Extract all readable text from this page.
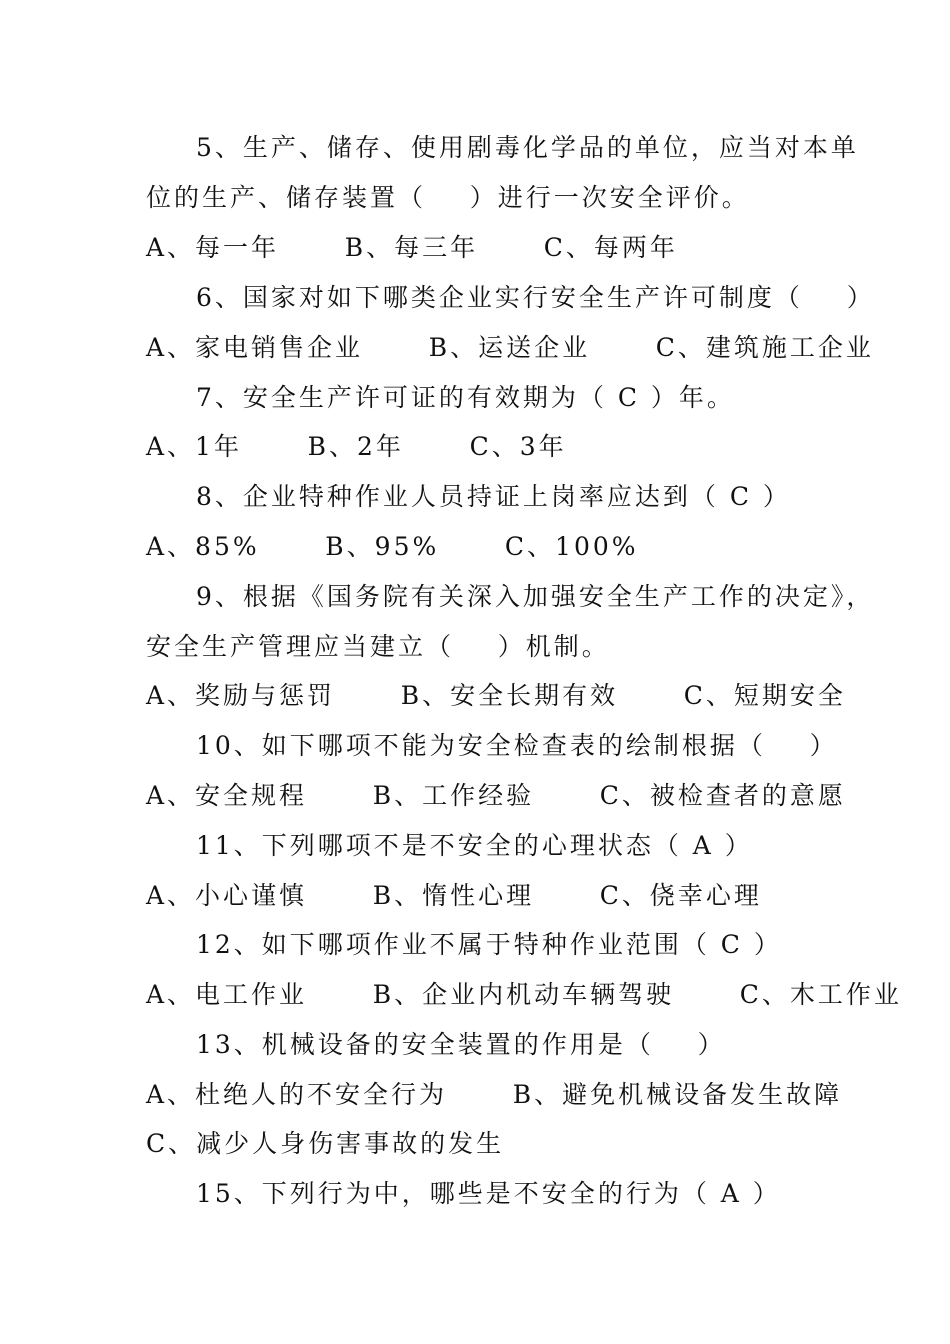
5、生产、储存、使用剧毒化学品的单位，应当对本单
位的生产、储存装置（    ）进行一次安全评价。
A、每一年      B、每三年      C、每两年
6、国家对如下哪类企业实行安全生产许可制度（    ）
A、家电销售企业      B、运送企业      C、建筑施工企业
7、安全生产许可证的有效期为（ C ）年。
A、1年      B、2年      C、3年
8、企业特种作业人员持证上岗率应达到（ C ）
A、85%      B、95%      C、100%
9、根据《国务院有关深入加强安全生产工作的决定》，
安全生产管理应当建立（    ）机制。
A、奖励与惩罚      B、安全长期有效      C、短期安全
10、如下哪项不能为安全检查表的绘制根据（    ）
A、安全规程      B、工作经验      C、被检查者的意愿
11、下列哪项不是不安全的心理状态（ A ）
A、小心谨慎      B、惰性心理      C、侥幸心理
12、如下哪项作业不属于特种作业范围（ C ）
A、电工作业      B、企业内机动车辆驾驶      C、木工作业
13、机械设备的安全装置的作用是（    ）
A、杜绝人的不安全行为      B、避免机械设备发生故障
C、减少人身伤害事故的发生
15、下列行为中，哪些是不安全的行为（ A ）
